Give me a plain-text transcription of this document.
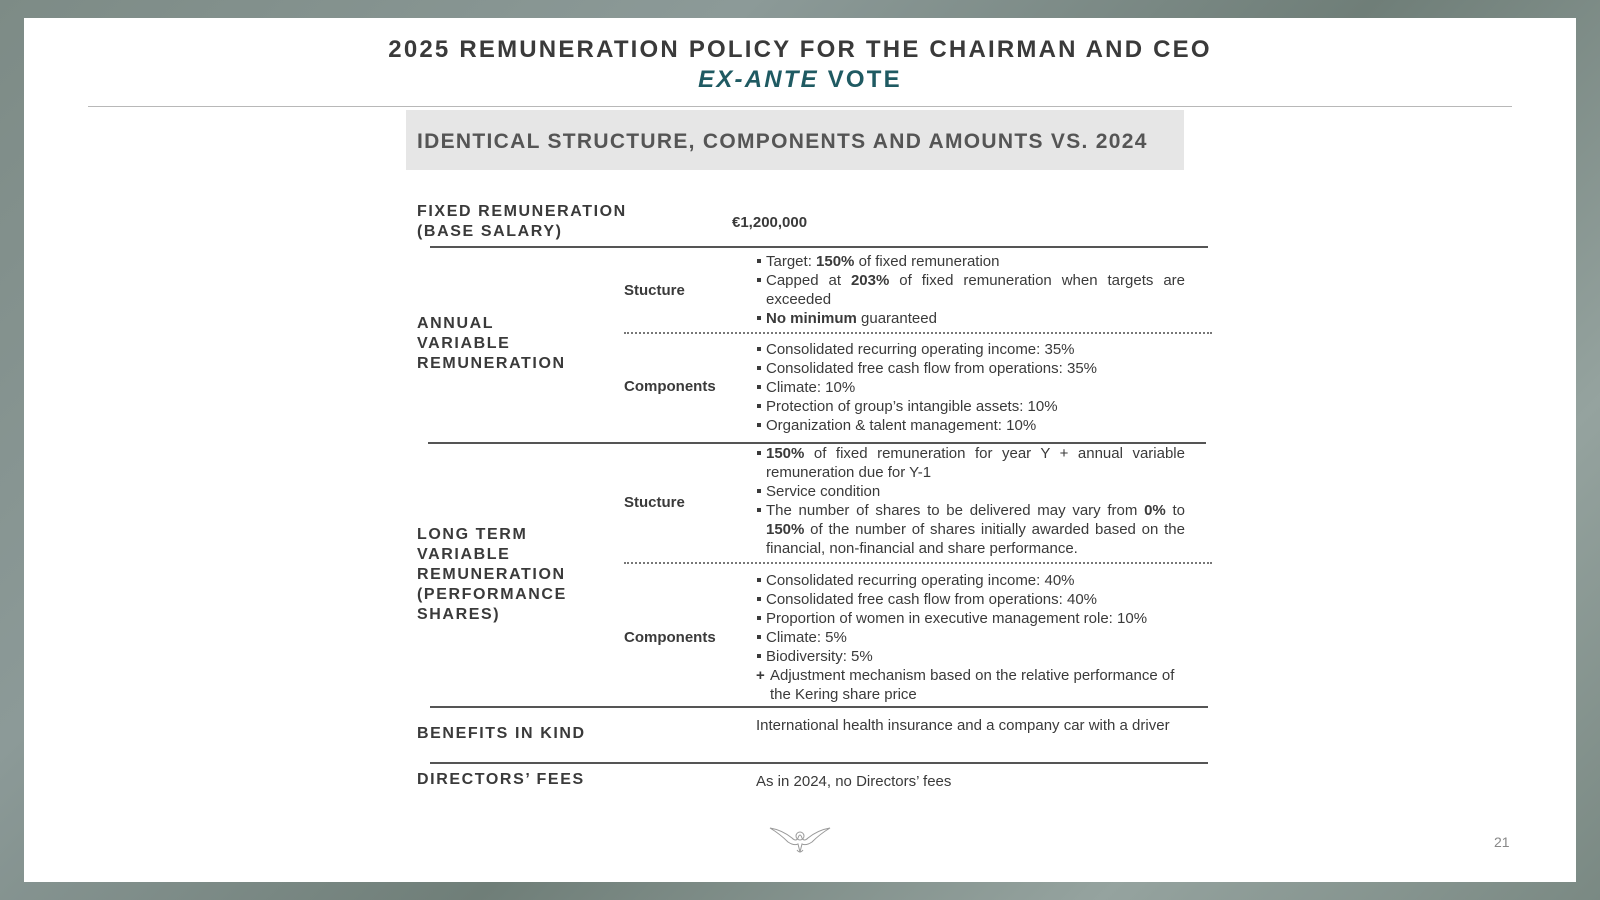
2025 REMUNERATION POLICY FOR THE CHAIRMAN AND CEO
EX-ANTE VOTE
IDENTICAL STRUCTURE, COMPONENTS AND AMOUNTS VS. 2024
FIXED REMUNERATION
(BASE SALARY)
€1,200,000
ANNUAL
VARIABLE
REMUNERATION
Stucture
Target: 150% of fixed remuneration
Capped at 203% of fixed remuneration when targets are exceeded
No minimum guaranteed
Components
Consolidated recurring operating income: 35%
Consolidated free cash flow from operations: 35%
Climate: 10%
Protection of group’s intangible assets: 10%
Organization & talent management: 10%
LONG TERM
VARIABLE
REMUNERATION
(PERFORMANCE
SHARES)
Stucture
150% of fixed remuneration for year Y + annual variable remuneration due for Y-1
Service condition
The number of shares to be delivered may vary from 0% to 150% of the number of shares initially awarded based on the financial, non-financial and share performance.
Components
Consolidated recurring operating income: 40%
Consolidated free cash flow from operations: 40%
Proportion of women in executive management role: 10%
Climate: 5%
Biodiversity: 5%
+ Adjustment mechanism based on the relative performance of the Kering share price
BENEFITS IN KIND	International health insurance and a company car with a driver
DIRECTORS’ FEES	As in 2024, no Directors’ fees
21
